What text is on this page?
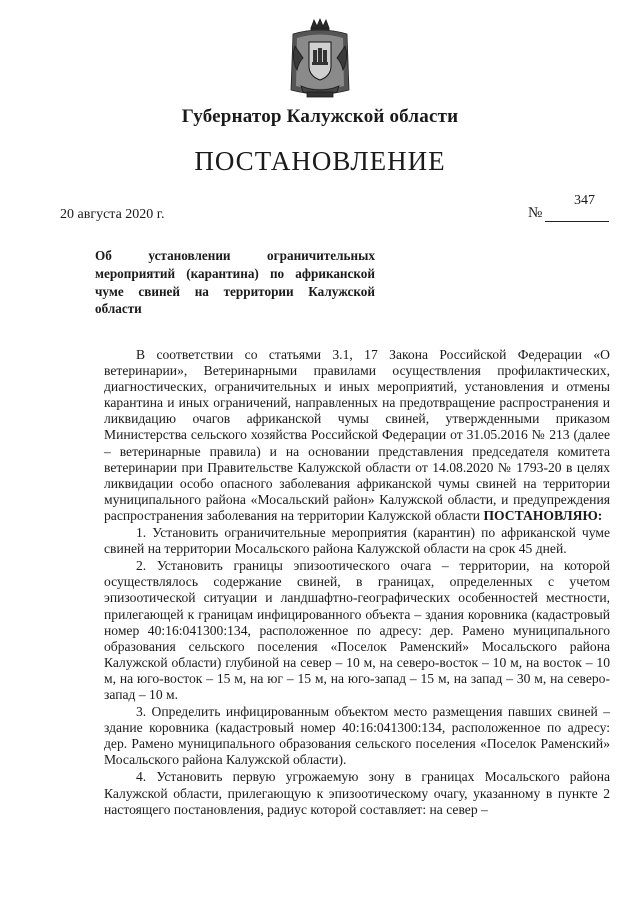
Губернатор Калужской области
ПОСТАНОВЛЕНИЕ
20 августа 2020 г.	№
347
Об установлении ограничительных мероприятий (карантина) по африканской чуме свиней на территории Калужской области

В соответствии со статьями 3.1, 17 Закона Российской Федерации «О ветеринарии», Ветеринарными правилами осуществления профилактических, диагностических, ограничительных и иных мероприятий, установления и отмены карантина и иных ограничений, направленных на предотвращение распространения и ликвидацию очагов африканской чумы свиней, утвержденными приказом Министерства сельского хозяйства Российской Федерации от 31.05.2016 № 213 (далее – ветеринарные правила) и на основании представления председателя комитета ветеринарии при Правительстве Калужской области от 14.08.2020 № 1793-20 в целях ликвидации особо опасного заболевания африканской чумы свиней на территории муниципального района «Мосальский район» Калужской области, и предупреждения распространения заболевания на территории Калужской области ПОСТАНОВЛЯЮ:

1. Установить ограничительные мероприятия (карантин) по африканской чуме свиней на территории Мосальского района Калужской области на срок 45 дней.

2. Установить границы эпизоотического очага – территории, на которой осуществлялось содержание свиней, в границах, определенных с учетом эпизоотической ситуации и ландшафтно-географических особенностей местности, прилегающей к границам инфицированного объекта – здания коровника (кадастровый номер 40:16:041300:134, расположенное по адресу: дер. Рамено муниципального образования сельского поселения «Поселок Раменский» Мосальского района Калужской области) глубиной на север – 10 м, на северо-восток – 10 м, на восток – 10 м, на юго-восток – 15 м, на юг – 15 м, на юго-запад – 15 м, на запад – 30 м, на северо-запад – 10 м.

3. Определить инфицированным объектом место размещения павших свиней – здание коровника (кадастровый номер 40:16:041300:134, расположенное по адресу: дер. Рамено муниципального образования сельского поселения «Поселок Раменский» Мосальского района Калужской области).

4. Установить первую угрожаемую зону в границах Мосальского района Калужской области, прилегающую к эпизоотическому очагу, указанному в пункте 2 настоящего постановления, радиус которой составляет: на север –
